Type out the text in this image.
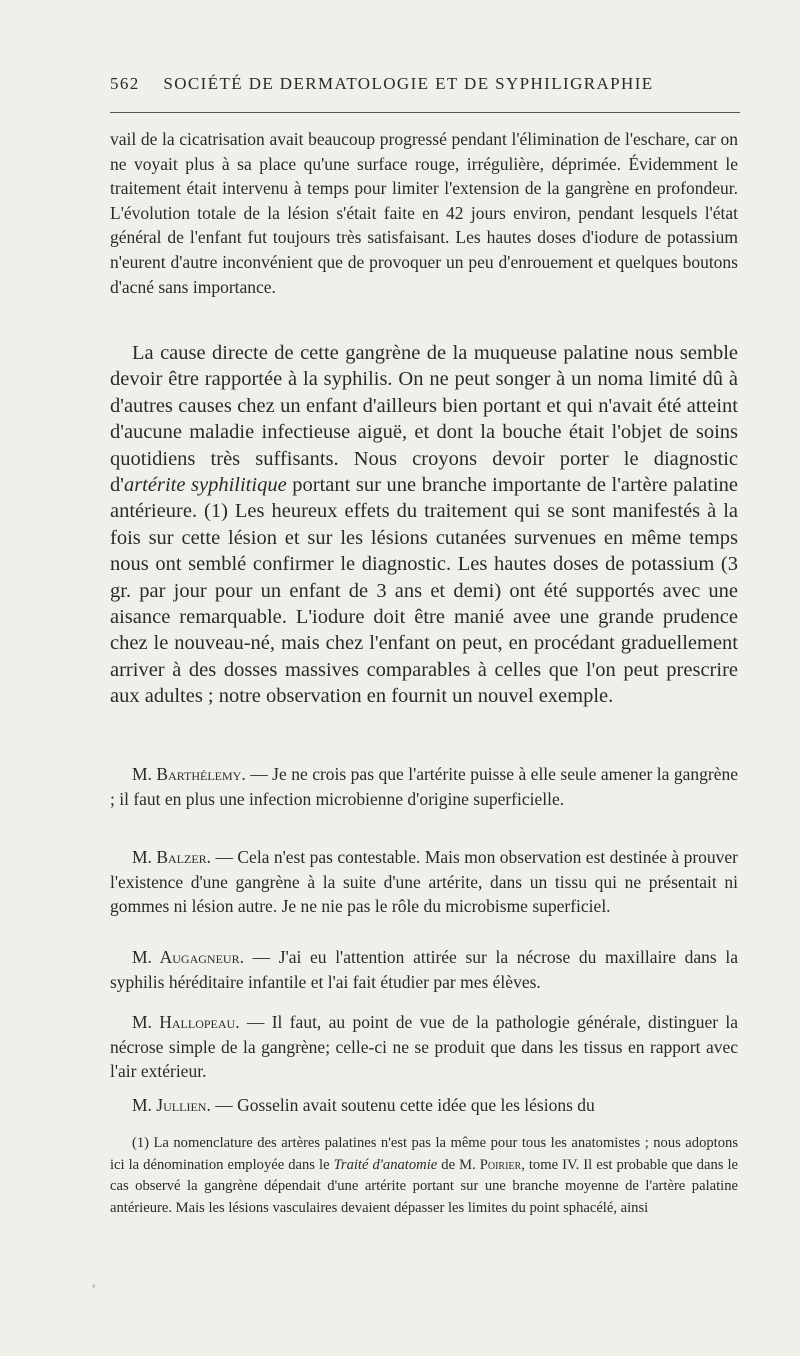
562 SOCIÉTÉ DE DERMATOLOGIE ET DE SYPHILIGRAPHIE

vail de la cicatrisation avait beaucoup progressé pendant l'élimination de l'eschare, car on ne voyait plus à sa place qu'une surface rouge, irrégulière, déprimée. Évidemment le traitement était intervenu à temps pour limiter l'extension de la gangrène en profondeur. L'évolution totale de la lésion s'était faite en 42 jours environ, pendant lesquels l'état général de l'enfant fut toujours très satisfaisant. Les hautes doses d'iodure de potassium n'eurent d'autre inconvénient que de provoquer un peu d'enrouement et quelques boutons d'acné sans importance.

La cause directe de cette gangrène de la muqueuse palatine nous semble devoir être rapportée à la syphilis. On ne peut songer à un noma limité dû à d'autres causes chez un enfant d'ailleurs bien portant et qui n'avait été atteint d'aucune maladie infectieuse aiguë, et dont la bouche était l'objet de soins quotidiens très suffisants. Nous croyons devoir porter le diagnostic d'artérite syphilitique portant sur une branche importante de l'artère palatine antérieure. (1) Les heureux effets du traitement qui se sont manifestés à la fois sur cette lésion et sur les lésions cutanées survenues en même temps nous ont semblé confirmer le diagnostic. Les hautes doses de potassium (3 gr. par jour pour un enfant de 3 ans et demi) ont été supportés avec une aisance remarquable. L'iodure doit être manié avee une grande prudence chez le nouveau-né, mais chez l'enfant on peut, en procédant graduellement arriver à des dosses massives comparables à celles que l'on peut prescrire aux adultes ; notre observation en fournit un nouvel exemple.

M. Barthélemy. — Je ne crois pas que l'artérite puisse à elle seule amener la gangrène ; il faut en plus une infection microbienne d'origine superficielle.

M. Balzer. — Cela n'est pas contestable. Mais mon observation est destinée à prouver l'existence d'une gangrène à la suite d'une artérite, dans un tissu qui ne présentait ni gommes ni lésion autre. Je ne nie pas le rôle du microbisme superficiel.

M. Augagneur. — J'ai eu l'attention attirée sur la nécrose du maxillaire dans la syphilis héréditaire infantile et l'ai fait étudier par mes élèves.

M. Hallopeau. — Il faut, au point de vue de la pathologie générale, distinguer la nécrose simple de la gangrène; celle-ci ne se produit que dans les tissus en rapport avec l'air extérieur.

M. Jullien. — Gosselin avait soutenu cette idée que les lésions du

(1) La nomenclature des artères palatines n'est pas la même pour tous les anatomistes ; nous adoptons ici la dénomination employée dans le Traité d'anatomie de M. Poirier, tome IV. Il est probable que dans le cas observé la gangrène dépendait d'une artérite portant sur une branche moyenne de l'artère palatine antérieure. Mais les lésions vasculaires devaient dépasser les limites du point sphacélé, ainsi

°
